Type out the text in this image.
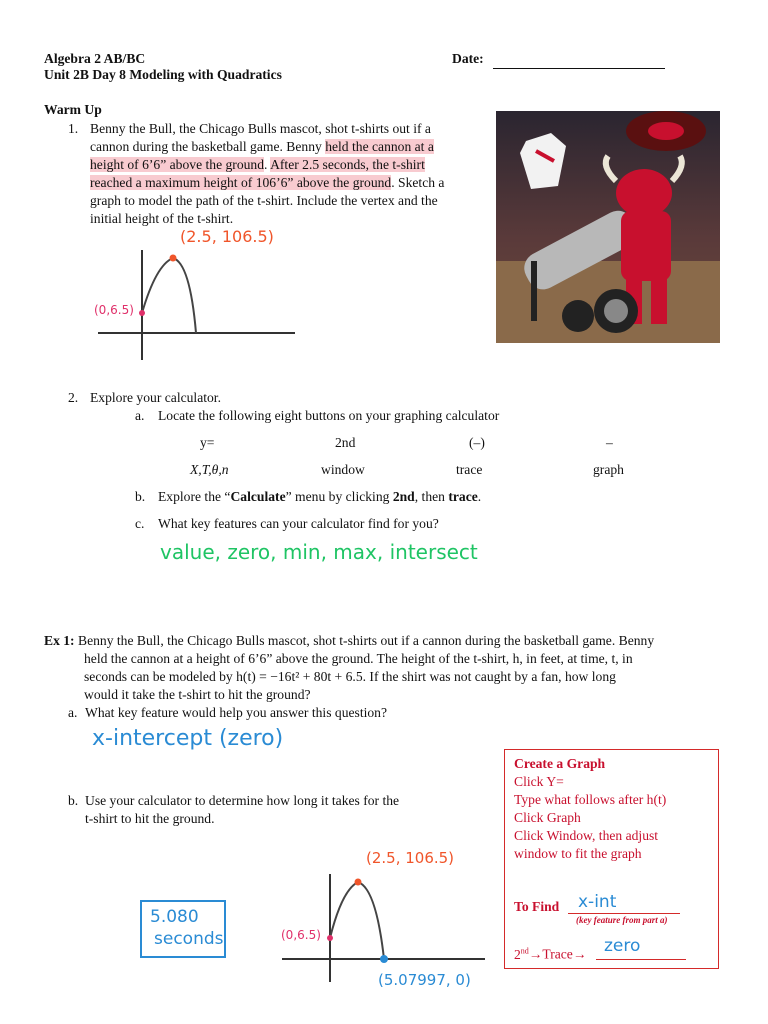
Algebra 2 AB/BC
Unit 2B Day 8 Modeling with Quadratics
Date:
Warm Up
1. Benny the Bull, the Chicago Bulls mascot, shot t-shirts out if a
cannon during the basketball game. Benny held the cannon at a
height of 6’6” above the ground. After 2.5 seconds, the t-shirt
reached a maximum height of 106’6” above the ground. Sketch a
graph to model the path of the t-shirt. Include the vertex and the
initial height of the t-shirt.
(2.5, 106.5)
(0,6.5)
2. Explore your calculator.
a. Locate the following eight buttons on your graphing calculator
y=	2nd	(–)	–
X,T,θ,n	window	trace	graph
b. Explore the “Calculate” menu by clicking 2nd, then trace.
c. What key features can your calculator find for you?
value, zero, min, max, intersect
Ex 1: Benny the Bull, the Chicago Bulls mascot, shot t-shirts out if a cannon during the basketball game. Benny
held the cannon at a height of 6’6” above the ground. The height of the t-shirt, h, in feet, at time, t, in
seconds can be modeled by h(t) = −16t² + 80t + 6.5. If the shirt was not caught by a fan, how long
would it take the t-shirt to hit the ground?
a. What key feature would help you answer this question?
x-intercept (zero)
b. Use your calculator to determine how long it takes for the
t-shirt to hit the ground.
5.080
seconds
(2.5, 106.5)
(0,6.5)
(5.07997, 0)
Create a Graph
Click Y=
Type what follows after h(t)
Click Graph
Click Window, then adjust
window to fit the graph
To Find x-int
(key feature from part a)
2nd→Trace→ zero
